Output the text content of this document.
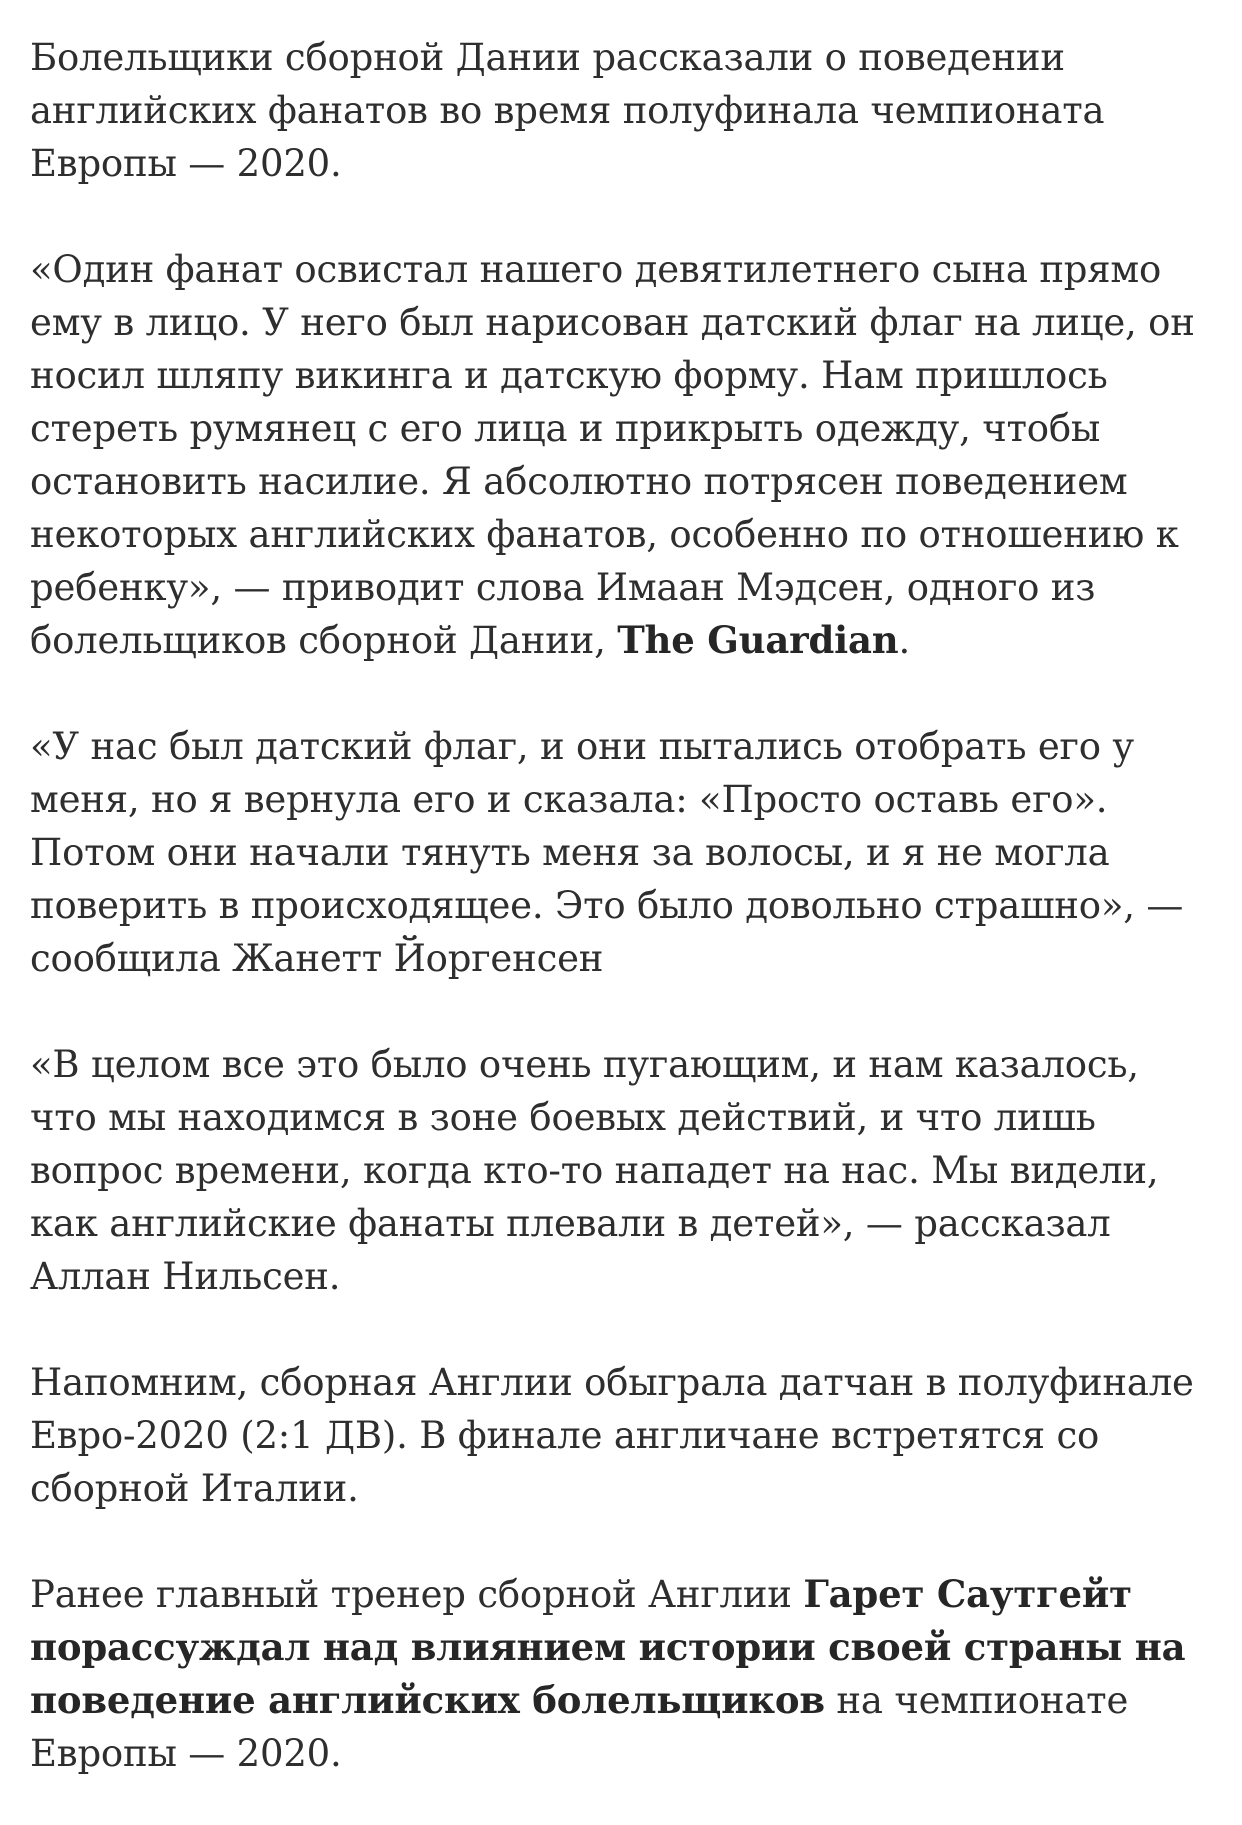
Болельщики сборной Дании рассказали о поведении английских фанатов во время полуфинала чемпионата Европы — 2020.

«Один фанат освистал нашего девятилетнего сына прямо ему в лицо. У него был нарисован датский флаг на лице, он носил шляпу викинга и датскую форму. Нам пришлось стереть румянец с его лица и прикрыть одежду, чтобы остановить насилие. Я абсолютно потрясен поведением некоторых английских фанатов, особенно по отношению к ребенку», — приводит слова Имаан Мэдсен, одного из болельщиков сборной Дании, The Guardian.

«У нас был датский флаг, и они пытались отобрать его у меня, но я вернула его и сказала: «Просто оставь его». Потом они начали тянуть меня за волосы, и я не могла поверить в происходящее. Это было довольно страшно», — сообщила Жанетт Йоргенсен

«В целом все это было очень пугающим, и нам казалось, что мы находимся в зоне боевых действий, и что лишь вопрос времени, когда кто-то нападет на нас. Мы видели, как английские фанаты плевали в детей», — рассказал Аллан Нильсен.

Напомним, сборная Англии обыграла датчан в полуфинале Евро-2020 (2:1 ДВ). В финале англичане встретятся со сборной Италии.

Ранее главный тренер сборной Англии Гарет Саутгейт порассуждал над влиянием истории своей страны на поведение английских болельщиков на чемпионате Европы — 2020.
